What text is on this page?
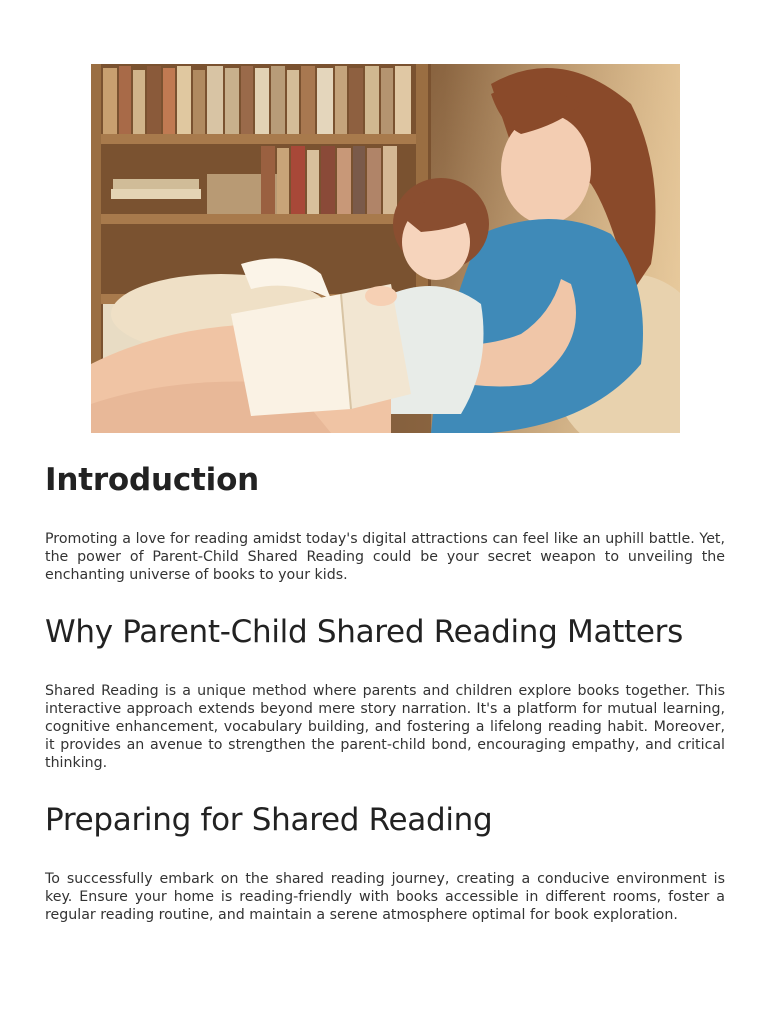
Introduction

Promoting a love for reading amidst today's digital attractions can feel like an uphill battle. Yet, the power of Parent-Child Shared Reading could be your secret weapon to unveiling the enchanting universe of books to your kids.

Why Parent-Child Shared Reading Matters

Shared Reading is a unique method where parents and children explore books together. This interactive approach extends beyond mere story narration. It's a platform for mutual learning, cognitive enhancement, vocabulary building, and fostering a lifelong reading habit. Moreover, it provides an avenue to strengthen the parent-child bond, encouraging empathy, and critical thinking.

Preparing for Shared Reading

To successfully embark on the shared reading journey, creating a conducive environment is key. Ensure your home is reading-friendly with books accessible in different rooms, foster a regular reading routine, and maintain a serene atmosphere optimal for book exploration.
